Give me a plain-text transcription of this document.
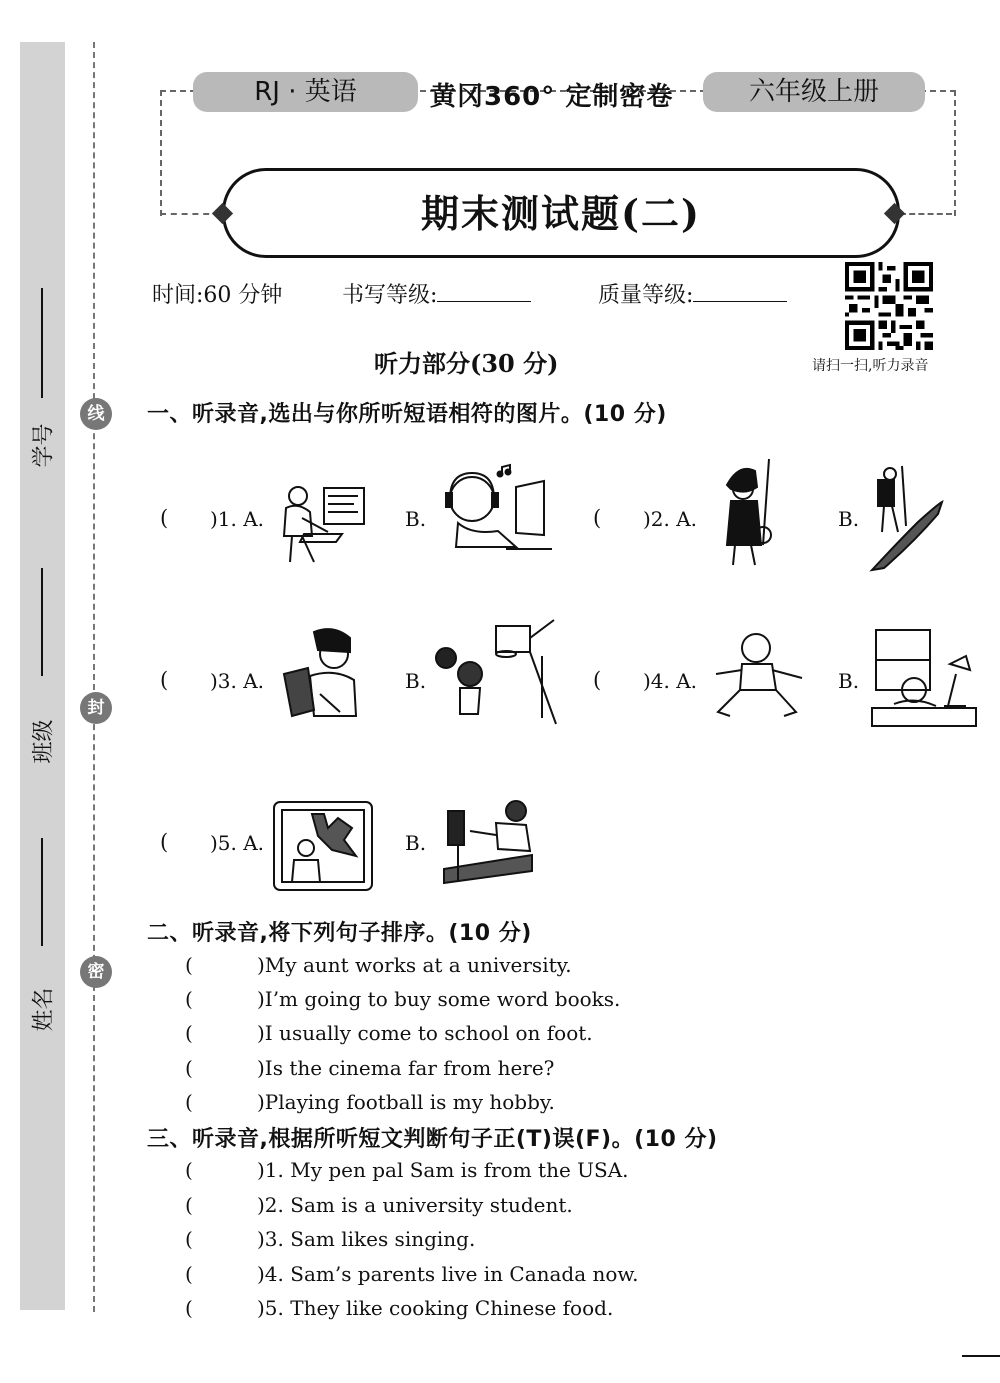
学号
班级
姓名
线
封
密
RJ · 英语	黄冈360° 定制密卷	六年级上册
期末测试题(二)
时间:60 分钟	书写等级:	质量等级:
请扫一扫,听力录音
听力部分(30 分)
一、听录音,选出与你所听短语相符的图片。(10 分)
( )1. A.	B.	( )2. A.	B.
( )3. A.	B.	( )4. A.	B.
( )5. A.	B.
二、听录音,将下列句子排序。(10 分)
(	)My aunt works at a university.
(	)I’m going to buy some word books.
(	)I usually come to school on foot.
(	)Is the cinema far from here?
(	)Playing football is my hobby.
三、听录音,根据所听短文判断句子正(T)误(F)。(10 分)
(	)1. My pen pal Sam is from the USA.
(	)2. Sam is a university student.
(	)3. Sam likes singing.
(	)4. Sam’s parents live in Canada now.
(	)5. They like cooking Chinese food.
